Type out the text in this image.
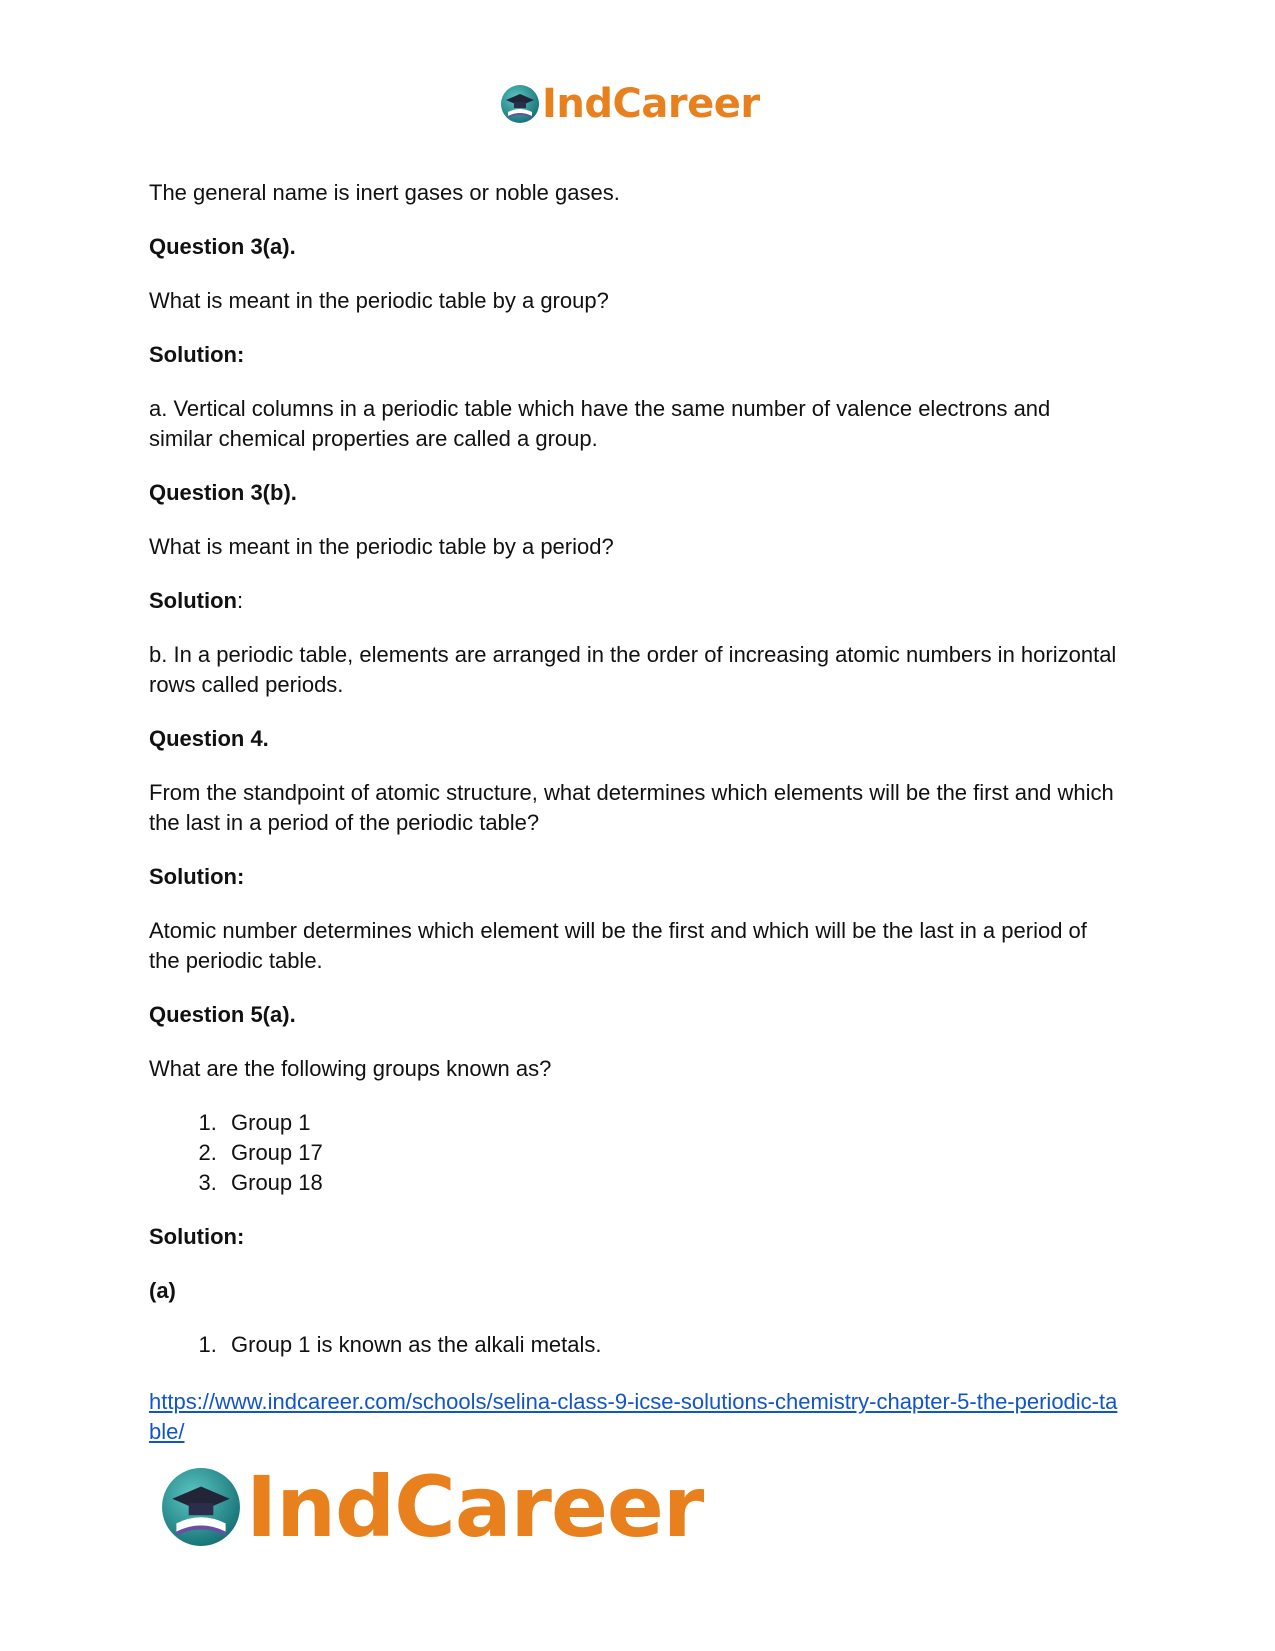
IndCareer

The general name is inert gases or noble gases.

Question 3(a).

What is meant in the periodic table by a group?

Solution:

a. Vertical columns in a periodic table which have the same number of valence electrons and similar chemical properties are called a group.

Question 3(b).

What is meant in the periodic table by a period?

Solution:

b. In a periodic table, elements are arranged in the order of increasing atomic numbers in horizontal rows called periods.

Question 4.

From the standpoint of atomic structure, what determines which elements will be the first and which the last in a period of the periodic table?

Solution:

Atomic number determines which element will be the first and which will be the last in a period of the periodic table.

Question 5(a).

What are the following groups known as?

1. Group 1
2. Group 17
3. Group 18

Solution:

(a)

1. Group 1 is known as the alkali metals.
https://www.indcareer.com/schools/selina-class-9-icse-solutions-chemistry-chapter-5-the-periodic-table/
IndCareer
